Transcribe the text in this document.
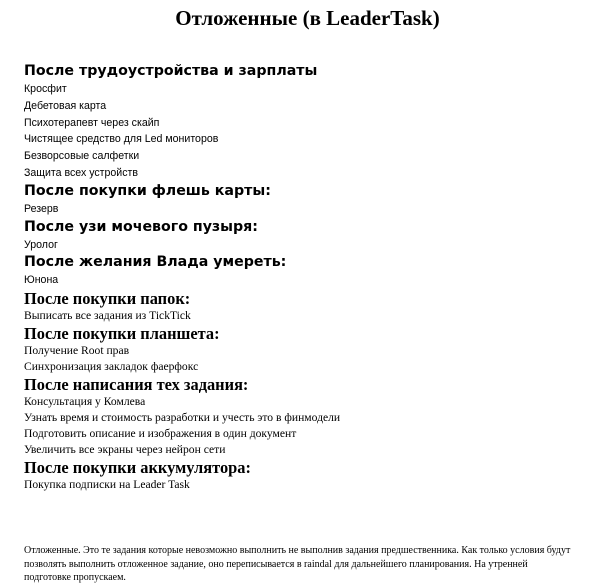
Отложенные (в LeaderTask)
После трудоустройства и зарплаты
Кросфит
Дебетовая карта
Психотерапевт через скайп
Чистящее средство для Led мониторов
Безворсовые салфетки
Защита всех устройств
После покупки флешь карты:
Резерв
После узи мочевого пузыря:
Уролог
После желания Влада умереть:
Юнона
После покупки папок:
Выписать все задания из TickTick
После покупки планшета:
Получение Root прав
Синхронизация закладок фаерфокс
После написания тех задания:
Консультация у Комлева
Узнать время и стоимость разработки и учесть это в финмодели
Подготовить описание и изображения в один документ
Увеличить все экраны через нейрон сети
После покупки аккумулятора:
Покупка подписки на Leader Task
Отложенные. Это те задания которые невозможно выполнить не выполнив задания предшественника. Как только условия будут
позволять выполнить отложенное задание, оно переписывается в raindal для дальнейшего планирования. На утренней
подготовке пропускаем.
